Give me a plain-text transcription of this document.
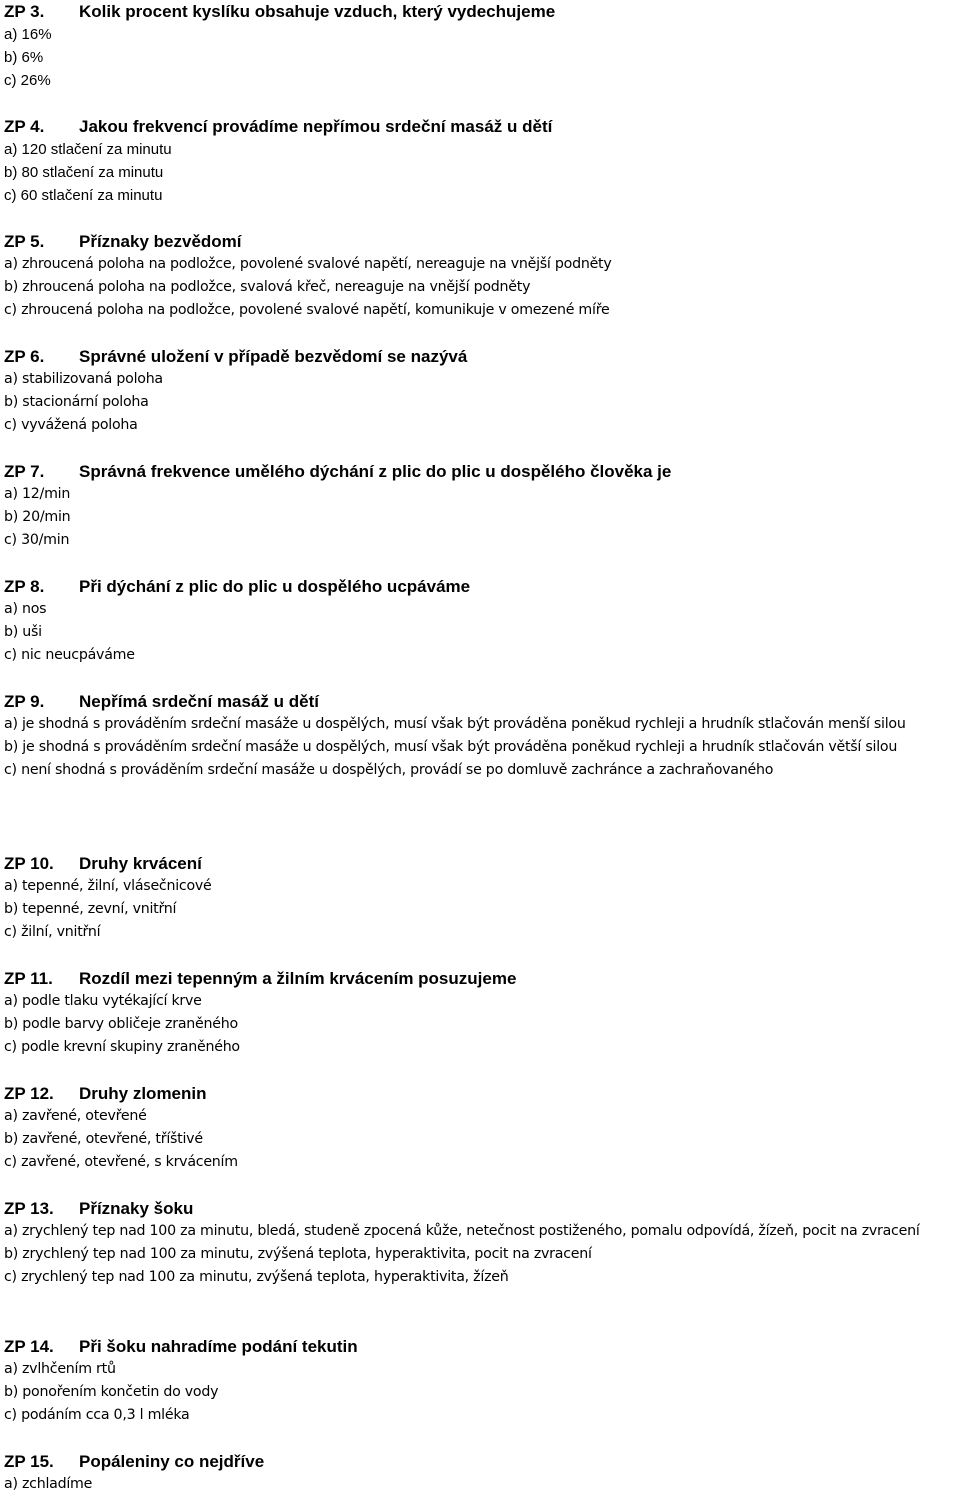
ZP 3. Kolik procent kyslíku obsahuje vzduch, který vydechujeme
a) 16%
b) 6%
c) 26%
ZP 4. Jakou frekvencí provádíme nepřímou srdeční masáž u dětí
a) 120 stlačení za minutu
b) 80 stlačení za minutu
c) 60 stlačení za minutu
ZP 5. Příznaky bezvědomí
a) zhroucená poloha na podložce, povolené svalové napětí, nereaguje na vnější podněty
b) zhroucená poloha na podložce, svalová křeč, nereaguje na vnější podněty
c) zhroucená poloha na podložce, povolené svalové napětí, komunikuje v omezené míře
ZP 6. Správné uložení v případě bezvědomí se nazývá
a) stabilizovaná poloha
b) stacionární poloha
c) vyvážená poloha
ZP 7. Správná frekvence umělého dýchání z plic do plic u dospělého člověka je
a) 12/min
b) 20/min
c) 30/min
ZP 8. Při dýchání z plic do plic u dospělého ucpáváme
a) nos
b) uši
c) nic neucpáváme
ZP 9. Nepřímá srdeční masáž u dětí
a) je shodná s prováděním srdeční masáže u dospělých, musí však být prováděna poněkud rychleji a hrudník stlačován menší silou
b) je shodná s prováděním srdeční masáže u dospělých, musí však být prováděna poněkud rychleji a hrudník stlačován větší silou
c) není shodná s prováděním srdeční masáže u dospělých, provádí se po domluvě zachránce a zachraňovaného
ZP 10. Druhy krvácení
a) tepenné, žilní, vlásečnicové
b) tepenné, zevní, vnitřní
c) žilní, vnitřní
ZP 11. Rozdíl mezi tepenným a žilním krvácením posuzujeme
a) podle tlaku vytékající krve
b) podle barvy obličeje zraněného
c) podle krevní skupiny zraněného
ZP 12. Druhy zlomenin
a) zavřené, otevřené
b) zavřené, otevřené, tříštivé
c) zavřené, otevřené, s krvácením
ZP 13. Příznaky šoku
a) zrychlený tep nad 100 za minutu, bledá, studeně zpocená kůže, netečnost postiženého, pomalu odpovídá, žízeň, pocit na zvracení
b) zrychlený tep nad 100 za minutu, zvýšená teplota, hyperaktivita, pocit na zvracení
c) zrychlený tep nad 100 za minutu, zvýšená teplota, hyperaktivita, žízeň
ZP 14. Při šoku nahradíme podání tekutin
a) zvlhčením rtů
b) ponořením končetin do vody
c) podáním cca 0,3 l mléka
ZP 15. Popáleniny co nejdříve
a) zchladíme
